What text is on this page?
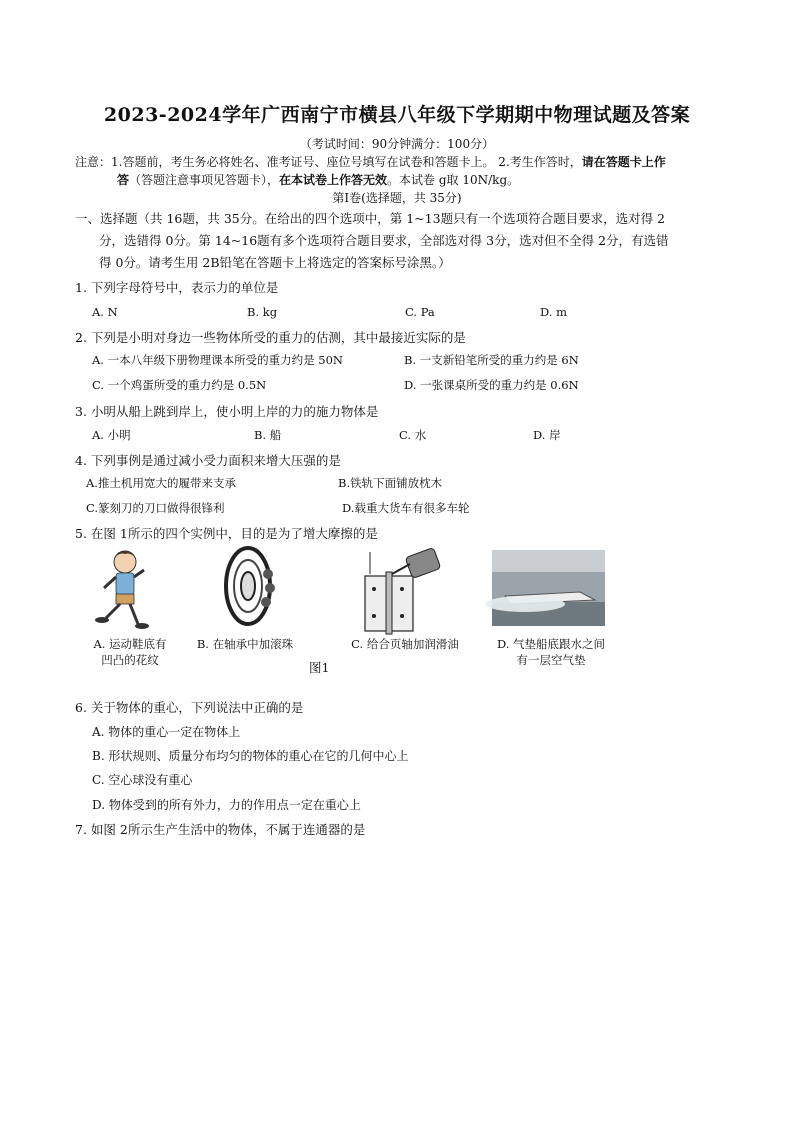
2023-2024学年广西南宁市横县八年级下学期期中物理试题及答案
（考试时间：90分钟满分：100分）
注意：1.答题前，考生务必将姓名、准考证号、座位号填写在试卷和答题卡上。 2.考生作答时，请在答题卡上作
答（答题注意事项见答题卡），在本试卷上作答无效。本试卷 g取 10N/kg。
第Ⅰ卷(选择题，共 35分)
一、选择题（共 16题，共 35分。在给出的四个选项中，第 1~13题只有一个选项符合题目要求，选对得 2
分，选错得 0分。第 14~16题有多个选项符合题目要求，全部选对得 3分，选对但不全得 2分，有选错
得 0分。请考生用 2B铅笔在答题卡上将选定的答案标号涂黑。）
1. 下列字母符号中，表示力的单位是
A. N	B. kg	C. Pa	D. m
2. 下列是小明对身边一些物体所受的重力的估测，其中最接近实际的是
A. 一本八年级下册物理课本所受的重力约是 50N	B. 一支新铅笔所受的重力约是 6N
C. 一个鸡蛋所受的重力约是 0.5N	D. 一张课桌所受的重力约是 0.6N
3. 小明从船上跳到岸上，使小明上岸的力的施力物体是
A. 小明	B. 船	C. 水	D. 岸
4. 下列事例是通过减小受力面积来增大压强的是
A.推土机用宽大的履带来支承	B.铁轨下面铺放枕木
C.篆刻刀的刀口做得很锋利	D.载重大货车有很多车轮
5. 在图 1所示的四个实例中，目的是为了增大摩擦的是
A. 运动鞋底有
凹凸的花纹
B. 在轴承中加滚珠	C. 给合页轴加润滑油	D. 气垫船底跟水之间
有一层空气垫
图1
6. 关于物体的重心，下列说法中正确的是
A. 物体的重心一定在物体上
B. 形状规则、质量分布均匀的物体的重心在它的几何中心上
C. 空心球没有重心
D. 物体受到的所有外力，力的作用点一定在重心上
7. 如图 2所示生产生活中的物体，不属于连通器的是
